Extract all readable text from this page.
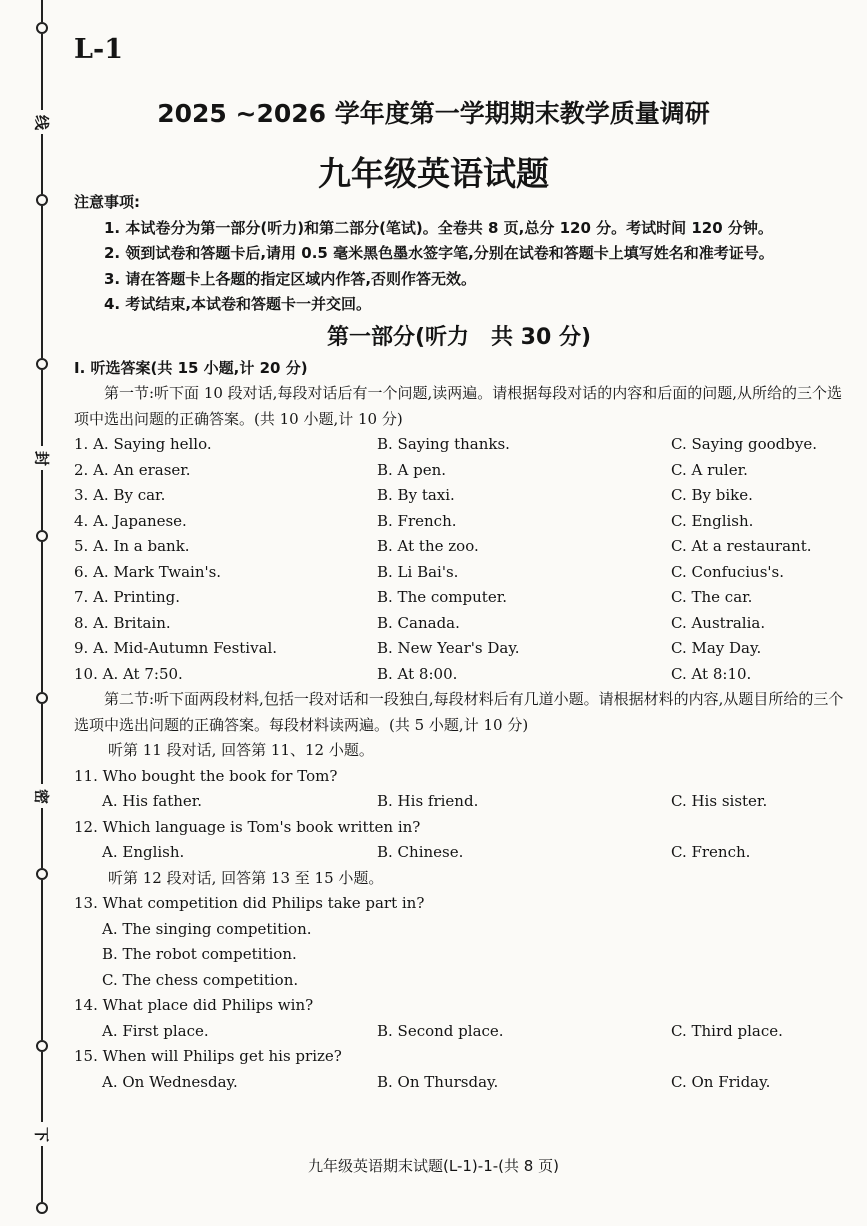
线
封
密
下
L-1
2025 ~2026 学年度第一学期期末教学质量调研
九年级英语试题
注意事项:
1. 本试卷分为第一部分(听力)和第二部分(笔试)。全卷共 8 页,总分 120 分。考试时间 120 分钟。
2. 领到试卷和答题卡后,请用 0.5 毫米黑色墨水签字笔,分别在试卷和答题卡上填写姓名和准考证号。
3. 请在答题卡上各题的指定区域内作答,否则作答无效。
4. 考试结束,本试卷和答题卡一并交回。
第一部分(听力　共 30 分)
Ⅰ. 听选答案(共 15 小题,计 20 分)
第一节:听下面 10 段对话,每段对话后有一个问题,读两遍。请根据每段对话的内容和后面的问题,从所给的三个选项中选出问题的正确答案。(共 10 小题,计 10 分)
1. A. Saying hello.	B. Saying thanks.	C. Saying goodbye.
2. A. An eraser.	B. A pen.	C. A ruler.
3. A. By car.	B. By taxi.	C. By bike.
4. A. Japanese.	B. French.	C. English.
5. A. In a bank.	B. At the zoo.	C. At a restaurant.
6. A. Mark Twain's.	B. Li Bai's.	C. Confucius's.
7. A. Printing.	B. The computer.	C. The car.
8. A. Britain.	B. Canada.	C. Australia.
9. A. Mid-Autumn Festival.	B. New Year's Day.	C. May Day.
10. A. At 7:50.	B. At 8:00.	C. At 8:10.
第二节:听下面两段材料,包括一段对话和一段独白,每段材料后有几道小题。请根据材料的内容,从题目所给的三个选项中选出问题的正确答案。每段材料读两遍。(共 5 小题,计 10 分)
听第 11 段对话, 回答第 11、12 小题。
11. Who bought the book for Tom?
A. His father.	B. His friend.	C. His sister.
12. Which language is Tom's book written in?
A. English.	B. Chinese.	C. French.
听第 12 段对话, 回答第 13 至 15 小题。
13. What competition did Philips take part in?
A. The singing competition.
B. The robot competition.
C. The chess competition.
14. What place did Philips win?
A. First place.	B. Second place.	C. Third place.
15. When will Philips get his prize?
A. On Wednesday.	B. On Thursday.	C. On Friday.
九年级英语期末试题(L-1)-1-(共 8 页)
